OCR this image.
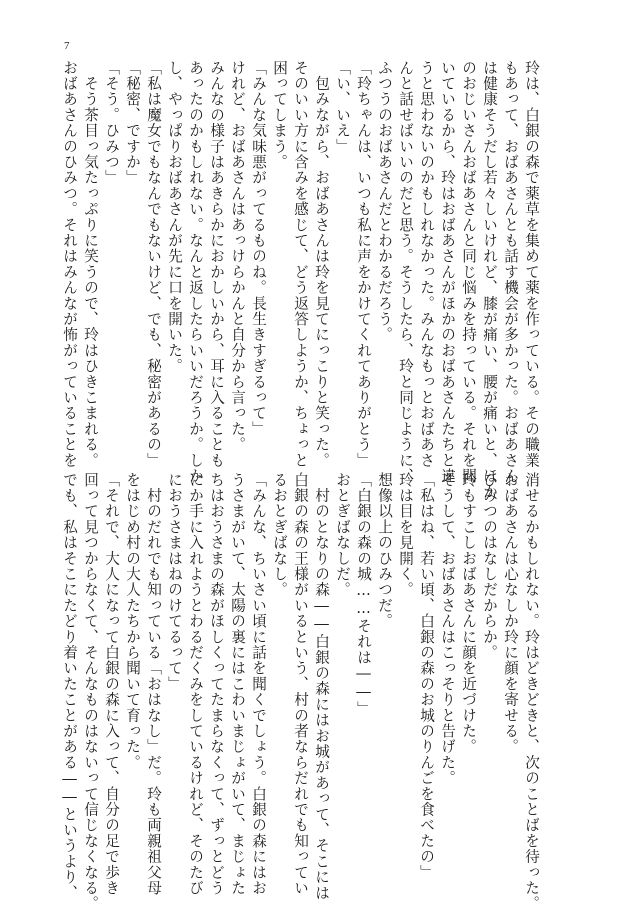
7
玲は、白銀の森で薬草を集めて薬を作っている。その職業
もあって、おばあさんとも話す機会が多かった。おばあさん
は健康そうだし若々しいけれど、膝が痛い、腰が痛いと、ほか
のおじいさんおばあさんと同じ悩みを持っている。それを聞
いているから、玲はおばあさんがほかのおばあさんたちと違
うと思わないのかもしれなかった。みんなもっとおばあさ
んと話せばいいのだと思う。そうしたら、玲と同じように、
ふつうのおばあさんだとわかるだろう。
「玲ちゃんは、いつも私に声をかけてくれてありがとう」
「い、いえ」
　包みながら、おばあさんは玲を見てにっこりと笑った。
そのいい方に含みを感じて、どう返答しようか、ちょっと
困ってしまう。
「みんな気味悪がってるものね。長生きすぎるって」
けれど、おばあさんはあっけらかんと自分から言った。
みんなの様子はあきらかにおかしいから、耳に入ることも
あったのかもしれない。なんと返したらいいだろうか。しか
し、やっぱりおばあさんが先に口を開いた。
「私は魔女でもなんでもないけど、でも、秘密があるの」
「秘密、ですか」
「そう。ひみつ」
　そう茶目っ気たっぷりに笑うので、玲はひきこまれる。
おばあさんのひみつ。それはみんなが怖がっていることを
消せるかもしれない。玲はどきどきと、次のことばを待った。
おばあさんは心なしか玲に顔を寄せる。
ひみつのはなしだからか。
玲もすこしおばあさんに顔を近づけた。
そうして、おばあさんはこっそりと告げた。
「私はね、若い頃、白銀の森のお城のりんごを食べたの」
玲は目を見開く。
想像以上のひみつだ。
「白銀の森の城……それは――」
おとぎばなしだ。
　村のとなりの森――白銀の森にはお城があって、そこには
白銀の森の王様がいるという、村の者ならだれでも知ってい
るおとぎばなし。
「みんな、ちいさい頃に話を聞くでしょう。白銀の森にはお
うさまがいて、太陽の裏にはこわいまじょがいて、まじょた
ちはおうさまの森がほしくってたまらなくって、ずっとどう
にか手に入れようとわるだくみをしているけれど、そのたび
におうさまはねのけてるって」
　村のだれでも知っている「おはなし」だ。玲も両親祖父母
をはじめ村の大人たちから聞いて育った。
「それで、大人になって白銀の森に入って、自分の足で歩き
回って見つからなくて、そんなものはないって信じなくなる。
でも、私はそこにたどり着いたことがある――というより、
